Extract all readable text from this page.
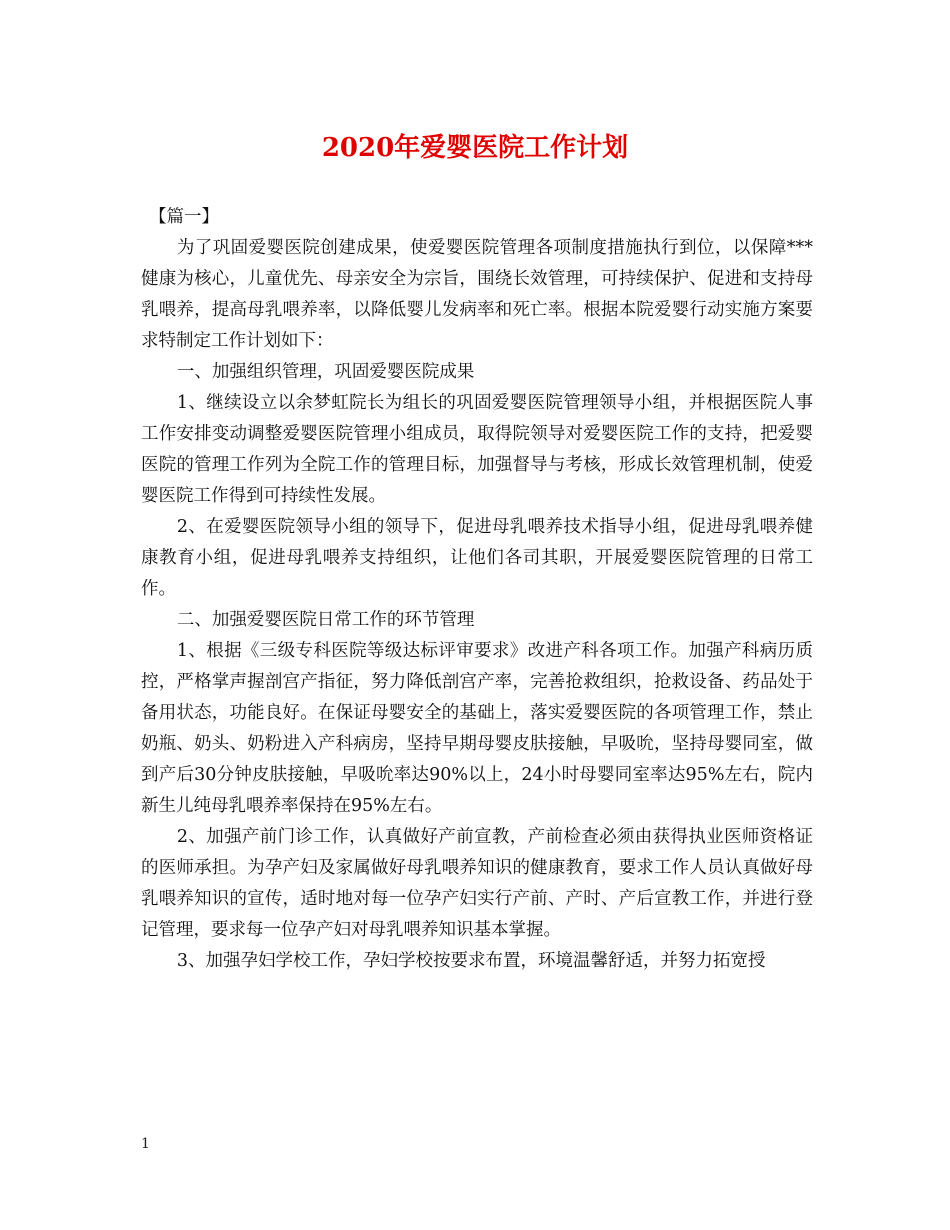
2020年爱婴医院工作计划

【篇一】

为了巩固爱婴医院创建成果，使爱婴医院管理各项制度措施执行到位，以保障***健康为核心，儿童优先、母亲安全为宗旨，围绕长效管理，可持续保护、促进和支持母乳喂养，提高母乳喂养率，以降低婴儿发病率和死亡率。根据本院爱婴行动实施方案要求特制定工作计划如下：

一、加强组织管理，巩固爱婴医院成果

1、继续设立以余梦虹院长为组长的巩固爱婴医院管理领导小组，并根据医院人事工作安排变动调整爱婴医院管理小组成员，取得院领导对爱婴医院工作的支持，把爱婴医院的管理工作列为全院工作的管理目标，加强督导与考核，形成长效管理机制，使爱婴医院工作得到可持续性发展。

2、在爱婴医院领导小组的领导下，促进母乳喂养技术指导小组，促进母乳喂养健康教育小组，促进母乳喂养支持组织，让他们各司其职，开展爱婴医院管理的日常工作。

二、加强爱婴医院日常工作的环节管理

1、根据《三级专科医院等级达标评审要求》改进产科各项工作。加强产科病历质控，严格掌声握剖宫产指征，努力降低剖宫产率，完善抢救组织，抢救设备、药品处于备用状态，功能良好。在保证母婴安全的基础上，落实爱婴医院的各项管理工作，禁止奶瓶、奶头、奶粉进入产科病房，坚持早期母婴皮肤接触，早吸吮，坚持母婴同室，做到产后30分钟皮肤接触，早吸吮率达90%以上，24小时母婴同室率达95%左右，院内新生儿纯母乳喂养率保持在95%左右。

2、加强产前门诊工作，认真做好产前宣教，产前检查必须由获得执业医师资格证的医师承担。为孕产妇及家属做好母乳喂养知识的健康教育，要求工作人员认真做好母乳喂养知识的宣传，适时地对每一位孕产妇实行产前、产时、产后宣教工作，并进行登记管理，要求每一位孕产妇对母乳喂养知识基本掌握。

3、加强孕妇学校工作，孕妇学校按要求布置，环境温馨舒适，并努力拓宽授

1
